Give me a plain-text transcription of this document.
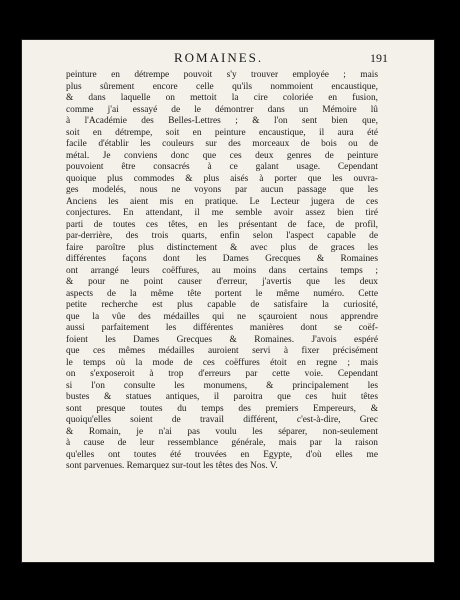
ROMAINES.	191
peinture en détrempe pouvoit s'y trouver employée ; mais
plus sûrement encore celle qu'ils nommoient encaustique,
& dans laquelle on mettoit la cire coloriée en fusion,
comme j'ai essayé de le démontrer dans un Mémoire lû
à l'Académie des Belles-Lettres ; & l'on sent bien que,
soit en détrempe, soit en peinture encaustique, il aura été
facile d'établir les couleurs sur des morceaux de bois ou de
métal. Je conviens donc que ces deux genres de peinture
pouvoient être consacrés à ce galant usage. Cependant
quoique plus commodes & plus aisés à porter que les ouvra-
ges modelés, nous ne voyons par aucun passage que les
Anciens les aient mis en pratique. Le Lecteur jugera de ces
conjectures. En attendant, il me semble avoir assez bien tiré
parti de toutes ces têtes, en les présentant de face, de profil,
par-derrière, des trois quarts, enfin selon l'aspect capable de
faire paroître plus distinctement & avec plus de graces les
différentes façons dont les Dames Grecques & Romaines
ont arrangé leurs coëffures, au moins dans certains temps ;
& pour ne point causer d'erreur, j'avertis que les deux
aspects de la même tête portent le même numéro. Cette
petite recherche est plus capable de satisfaire la curiosité,
que la vûe des médailles qui ne sçauroient nous apprendre
aussi parfaitement les différentes manières dont se coëf-
foient les Dames Grecques & Romaines. J'avois espéré
que ces mêmes médailles auroient servi à fixer précisément
le temps où la mode de ces coëffures étoit en regne ; mais
on s'exposeroit à trop d'erreurs par cette voie. Cependant
si l'on consulte les monumens, & principalement les
bustes & statues antiques, il paroitra que ces huit têtes
sont presque toutes du temps des premiers Empereurs, &
quoiqu'elles soient de travail différent, c'est-à-dire, Grec
& Romain, je n'ai pas voulu les séparer, non-seulement
à cause de leur ressemblance générale, mais par la raison
qu'elles ont toutes été trouvées en Egypte, d'où elles me
sont parvenues. Remarquez sur-tout les têtes des Nos. V.
